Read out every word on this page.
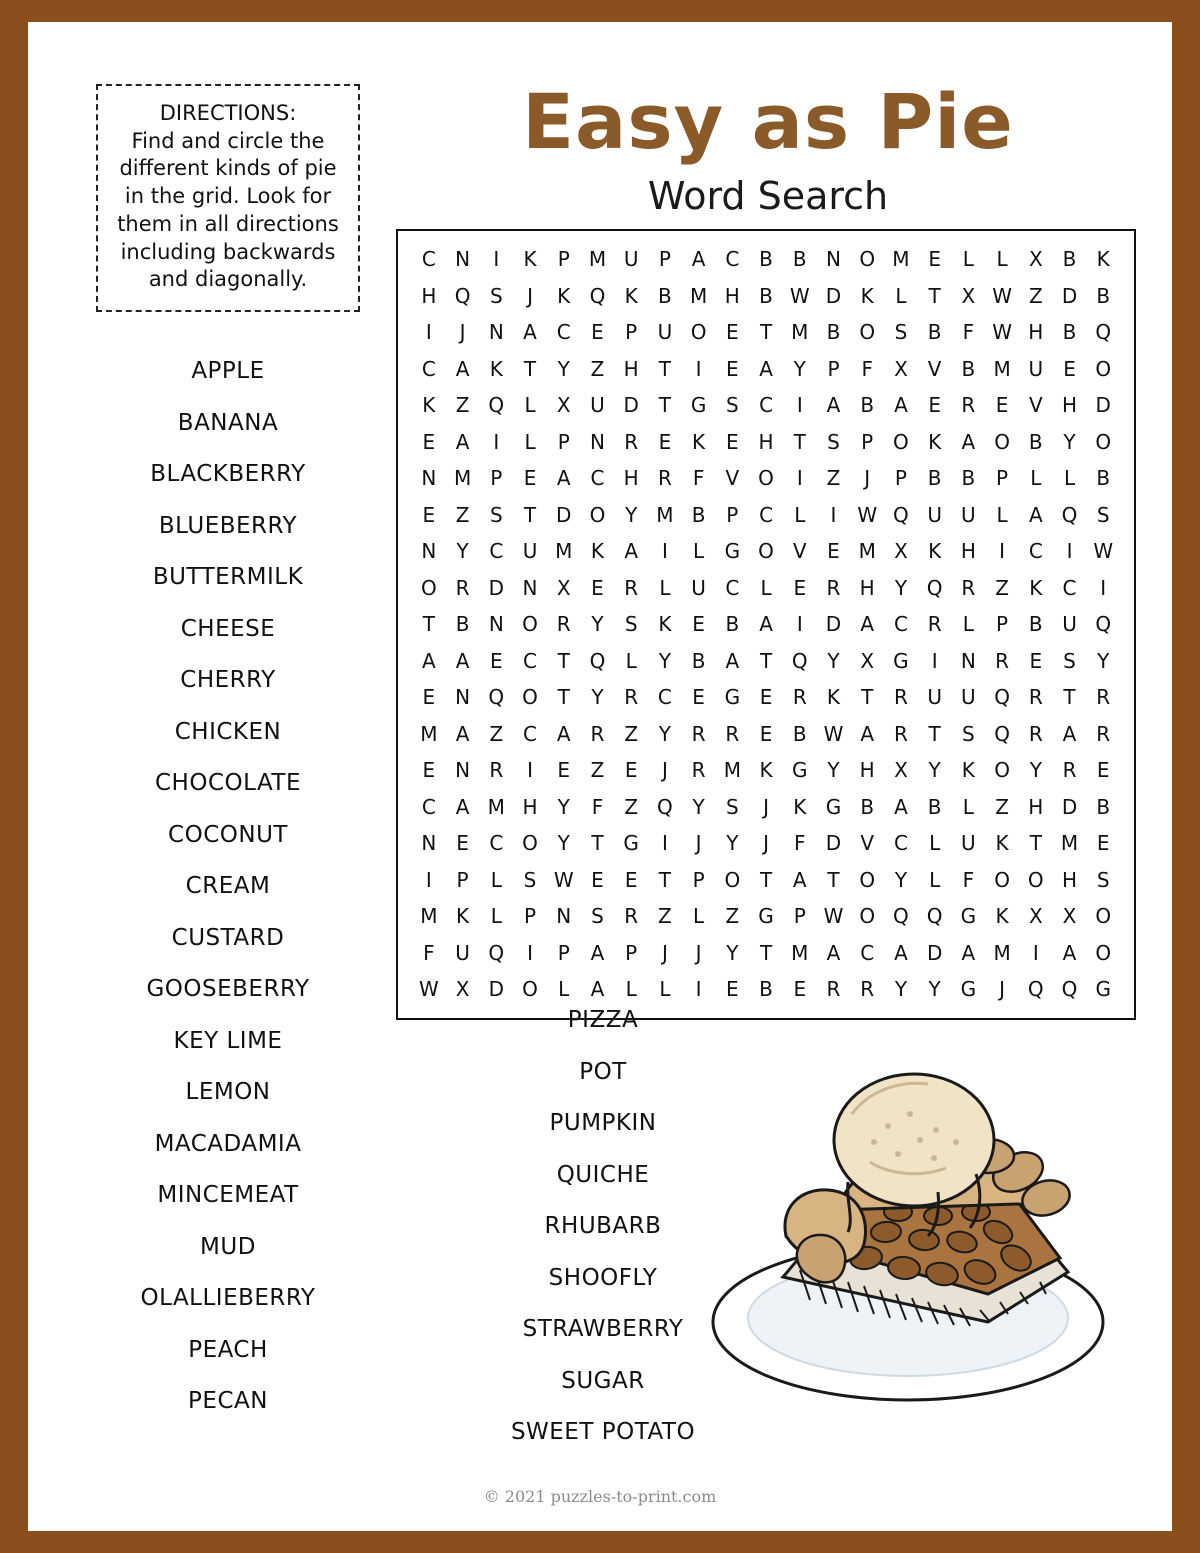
Easy as Pie
Word Search
DIRECTIONS:
Find and circle the different kinds of pie in the grid. Look for them in all directions including backwards and diagonally.
APPLE
BANANA
BLACKBERRY
BLUEBERRY
BUTTERMILK
CHEESE
CHERRY
CHICKEN
CHOCOLATE
COCONUT
CREAM
CUSTARD
GOOSEBERRY
KEY LIME
LEMON
MACADAMIA
MINCEMEAT
MUD
OLALLIEBERRY
PEACH
PECAN
C N	I	K	P M U	P	A C B B N O M E	L	L	X	B	K
H Q S	J	K Q K	B M H B W D K	L	T	X W Z D B
I	J	N A C	E	P	U O E	T M B O S	B	F W H B Q
C A	K	T	Y	Z H	T	I	E	A	Y	P	F	X	V	B M U	E O
K	Z Q	L	X U D T G S	C	I	A	B	A	E	R	E	V H D
E	A	I	L	P	N R	E	K	E H	T	S	P O K	A O B	Y O
N M P	E	A C H R	F	V O	I	Z	J	P	B B	P	L	L	B
E	Z	S	T D O Y M B	P	C	L	I	W Q U U	L	A Q S
N	Y	C U M K	A	I	L	G O V	E M X	K H	I	C	I	W
O R D N X	E	R	L	U C	L	E	R H	Y Q R Z	K	C	I
T	B N O R	Y	S	K	E	B	A	I	D A C R	L	P	B U Q
A	A	E	C	T Q	L	Y	B	A	T Q Y	X G	I	N R	E	S	Y
E N Q O T	Y	R C	E G E	R	K	T	R U U Q R	T	R
M A	Z C A R Z	Y	R R	E	B W A R	T	S Q R A R
E N R	I	E	Z	E	J	R M K G Y	H X	Y	K O Y	R	E
C A M H	Y	F	Z Q Y	S	J	K G B	A	B	L	Z H D B
N E	C O Y	T G	I	J	Y	J	F	D V C	L	U K	T M E
I	P	L	S W E	E	T	P O T	A	T O Y	L	F	O O H S
M K	L	P	N S	R Z	L	Z G P W O Q Q G K	X	X O
F	U Q	I	P	A	P	J	J	Y	T M A C A D A M	I	A O
W X D O	L	A	L	L	I	E	B	E	R R	Y	Y G	J	Q Q G
PIZZA
POT
PUMPKIN
QUICHE
RHUBARB
SHOOFLY
STRAWBERRY
SUGAR
SWEET POTATO
© 2021 puzzles-to-print.com
